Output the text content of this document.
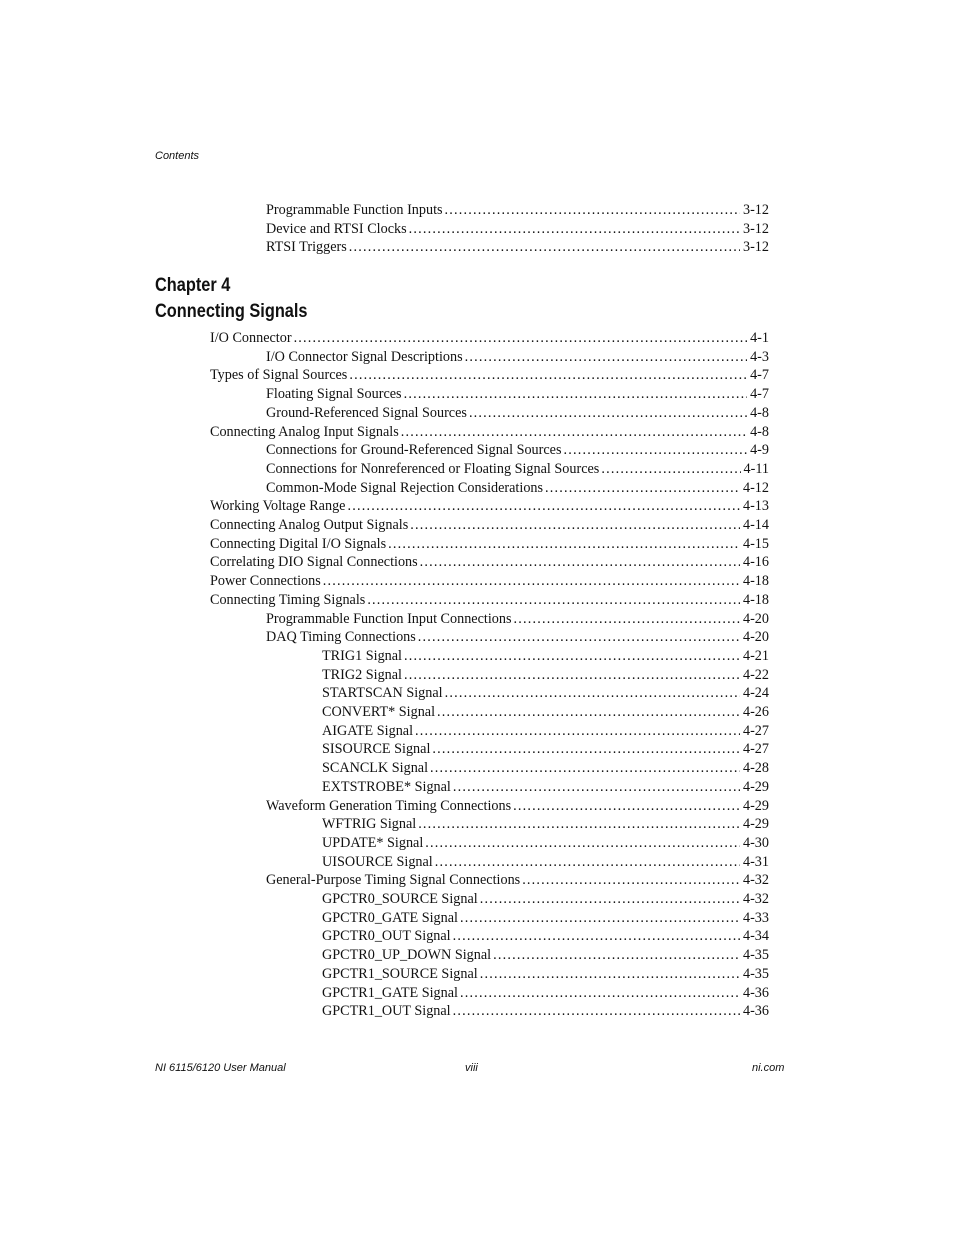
Contents
Programmable Function Inputs .....	3-12
Device and RTSI Clocks .....	3-12
RTSI Triggers .....	3-12
Chapter 4
Connecting Signals
I/O Connector .....	4-1
I/O Connector Signal Descriptions .....	4-3
Types of Signal Sources .....	4-7
Floating Signal Sources .....	4-7
Ground-Referenced Signal Sources .....	4-8
Connecting Analog Input Signals .....	4-8
Connections for Ground-Referenced Signal Sources .....	4-9
Connections for Nonreferenced or Floating Signal Sources .....	4-11
Common-Mode Signal Rejection Considerations .....	4-12
Working Voltage Range .....	4-13
Connecting Analog Output Signals .....	4-14
Connecting Digital I/O Signals .....	4-15
Correlating DIO Signal Connections .....	4-16
Power Connections .....	4-18
Connecting Timing Signals .....	4-18
Programmable Function Input Connections .....	4-20
DAQ Timing Connections .....	4-20
TRIG1 Signal .....	4-21
TRIG2 Signal .....	4-22
STARTSCAN Signal .....	4-24
CONVERT* Signal .....	4-26
AIGATE Signal .....	4-27
SISOURCE Signal .....	4-27
SCANCLK Signal .....	4-28
EXTSTROBE* Signal .....	4-29
Waveform Generation Timing Connections .....	4-29
WFTRIG Signal .....	4-29
UPDATE* Signal .....	4-30
UISOURCE Signal .....	4-31
General-Purpose Timing Signal Connections .....	4-32
GPCTR0_SOURCE Signal .....	4-32
GPCTR0_GATE Signal .....	4-33
GPCTR0_OUT Signal .....	4-34
GPCTR0_UP_DOWN Signal .....	4-35
GPCTR1_SOURCE Signal .....	4-35
GPCTR1_GATE Signal .....	4-36
GPCTR1_OUT Signal .....	4-36
NI 6115/6120 User Manual	viii	ni.com
